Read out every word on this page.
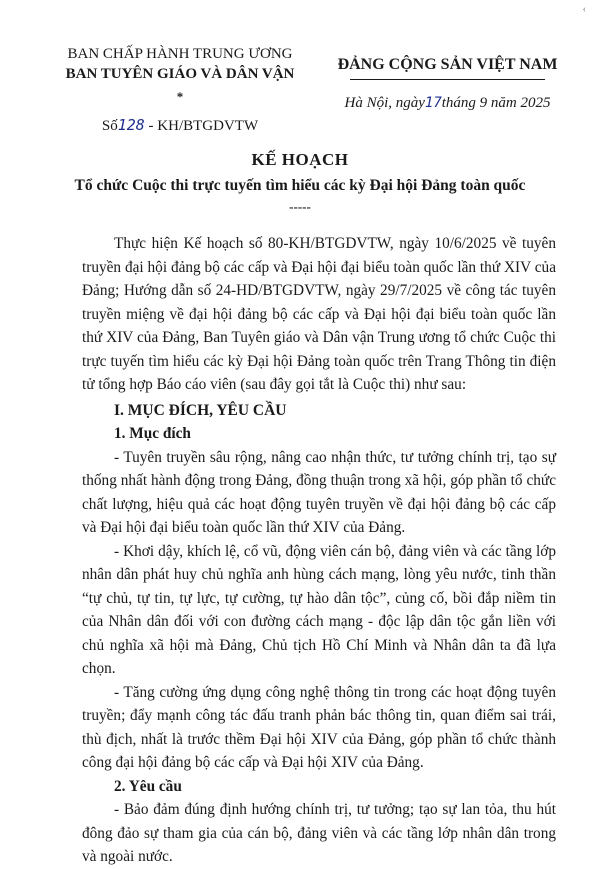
‹
BAN CHẤP HÀNH TRUNG ƯƠNG
BAN TUYÊN GIÁO VÀ DÂN VẬN
*
Số128 - KH/BTGDVTW
ĐẢNG CỘNG SẢN VIỆT NAM
Hà Nội, ngày17tháng 9 năm 2025
KẾ HOẠCH
Tổ chức Cuộc thi trực tuyến tìm hiểu các kỳ Đại hội Đảng toàn quốc
-----

Thực hiện Kế hoạch số 80-KH/BTGDVTW, ngày 10/6/2025 về tuyên truyền đại hội đảng bộ các cấp và Đại hội đại biểu toàn quốc lần thứ XIV của Đảng; Hướng dẫn số 24-HD/BTGDVTW, ngày 29/7/2025 về công tác tuyên truyền miệng về đại hội đảng bộ các cấp và Đại hội đại biểu toàn quốc lần thứ XIV của Đảng, Ban Tuyên giáo và Dân vận Trung ương tổ chức Cuộc thi trực tuyến tìm hiểu các kỳ Đại hội Đảng toàn quốc trên Trang Thông tin điện tử tổng hợp Báo cáo viên (sau đây gọi tắt là Cuộc thi) như sau:

I. MỤC ĐÍCH, YÊU CẦU
1. Mục đích

- Tuyên truyền sâu rộng, nâng cao nhận thức, tư tưởng chính trị, tạo sự thống nhất hành động trong Đảng, đồng thuận trong xã hội, góp phần tổ chức chất lượng, hiệu quả các hoạt động tuyên truyền về đại hội đảng bộ các cấp và Đại hội đại biểu toàn quốc lần thứ XIV của Đảng.

- Khơi dậy, khích lệ, cổ vũ, động viên cán bộ, đảng viên và các tầng lớp nhân dân phát huy chủ nghĩa anh hùng cách mạng, lòng yêu nước, tinh thần “tự chủ, tự tin, tự lực, tự cường, tự hào dân tộc”, củng cố, bồi đắp niềm tin của Nhân dân đối với con đường cách mạng - độc lập dân tộc gắn liền với chủ nghĩa xã hội mà Đảng, Chủ tịch Hồ Chí Minh và Nhân dân ta đã lựa chọn.

- Tăng cường ứng dụng công nghệ thông tin trong các hoạt động tuyên truyền; đẩy mạnh công tác đấu tranh phản bác thông tin, quan điểm sai trái, thù địch, nhất là trước thềm Đại hội XIV của Đảng, góp phần tổ chức thành công đại hội đảng bộ các cấp và Đại hội XIV của Đảng.

2. Yêu cầu

- Bảo đảm đúng định hướng chính trị, tư tưởng; tạo sự lan tỏa, thu hút đông đảo sự tham gia của cán bộ, đảng viên và các tầng lớp nhân dân trong và ngoài nước.
